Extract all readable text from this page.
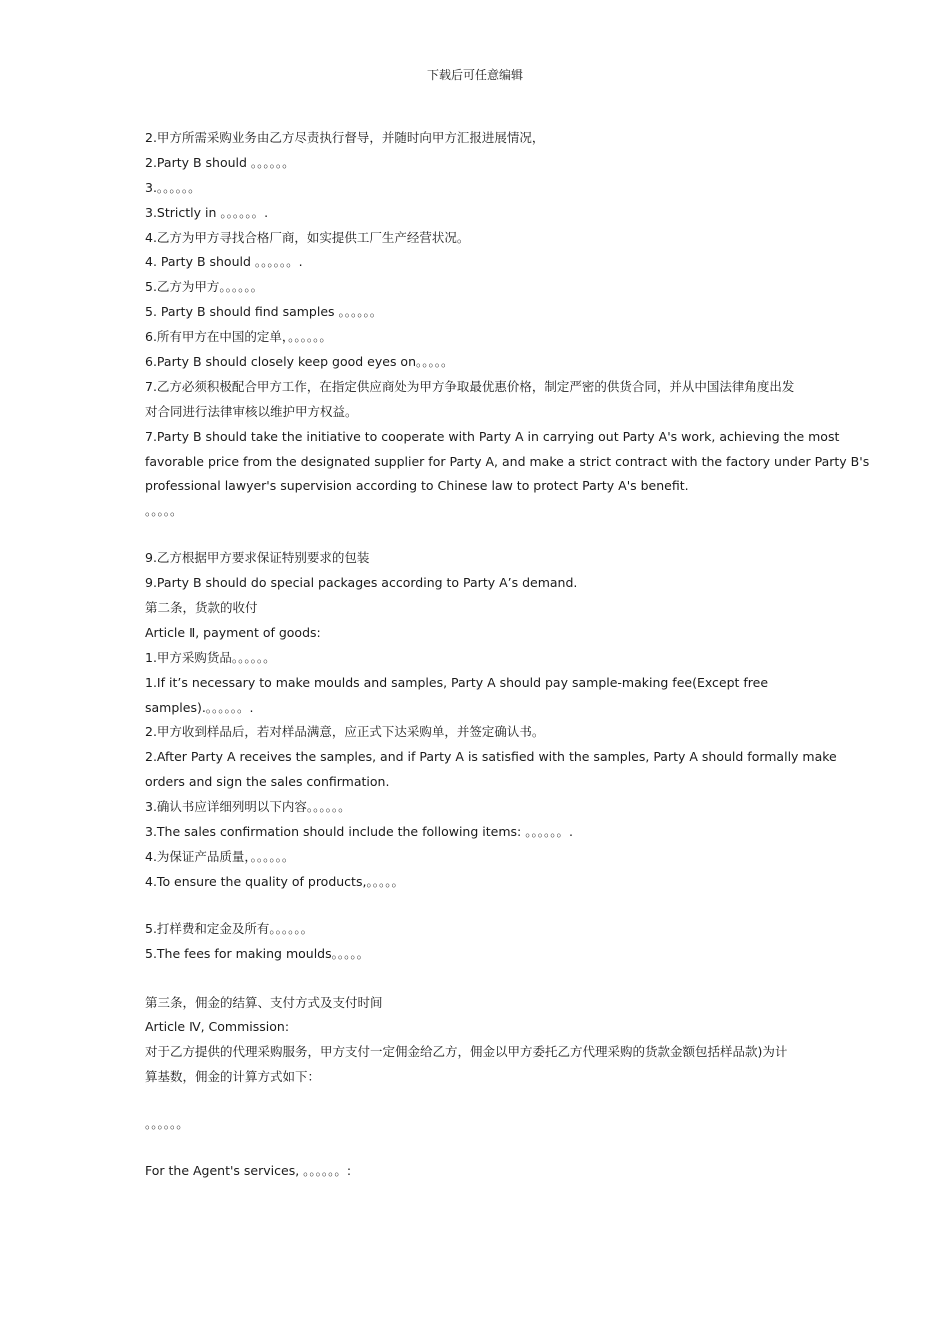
下载后可任意编辑
2.甲方所需采购业务由乙方尽责执行督导，并随时向甲方汇报进展情况，
2.Party B should 。。。。。。
3.。。。。。。
3.Strictly in 。。。。。。.
4.乙方为甲方寻找合格厂商，如实提供工厂生产经营状况。
4. Party B should 。。。。。。.
5.乙方为甲方。。。。。。
5. Party B should find samples 。。。。。。
6.所有甲方在中国的定单，。。。。。。
6.Party B should closely keep good eyes on。。。。。
7.乙方必须积极配合甲方工作，在指定供应商处为甲方争取最优惠价格，制定严密的供货合同，并从中国法律角度出发
对合同进行法律审核以维护甲方权益。
7.Party B should take the initiative to cooperate with Party A in carrying out Party A's work, achieving the most
favorable price from the designated supplier for Party A, and make a strict contract with the factory under Party B's
professional lawyer's supervision according to Chinese law to protect Party A's benefit.
。。。。。
9.乙方根据甲方要求保证特别要求的包装
9.Party B should do special packages according to Party A’s demand.
第二条，货款的收付
Article Ⅱ, payment of goods:
1.甲方采购货品。。。。。。
1.If it’s necessary to make moulds and samples, Party A should pay sample-making fee(Except free
samples).。。。。。。.
2.甲方收到样品后，若对样品满意，应正式下达采购单，并签定确认书。
2.After Party A receives the samples, and if Party A is satisfied with the samples, Party A should formally make
orders and sign the sales confirmation.
3.确认书应详细列明以下内容。。。。。。
3.The sales confirmation should include the following items: 。。。。。。.
4.为保证产品质量，。。。。。。
4.To ensure the quality of products,。。。。。
5.打样费和定金及所有。。。。。。
5.The fees for making moulds。。。。。
第三条，佣金的结算、支付方式及支付时间
Article Ⅳ, Commission:
对于乙方提供的代理采购服务，甲方支付一定佣金给乙方，佣金以甲方委托乙方代理采购的货款金额包括样品款)为计
算基数，佣金的计算方式如下：
。。。。。。
For the Agent's services, 。。。。。。:
